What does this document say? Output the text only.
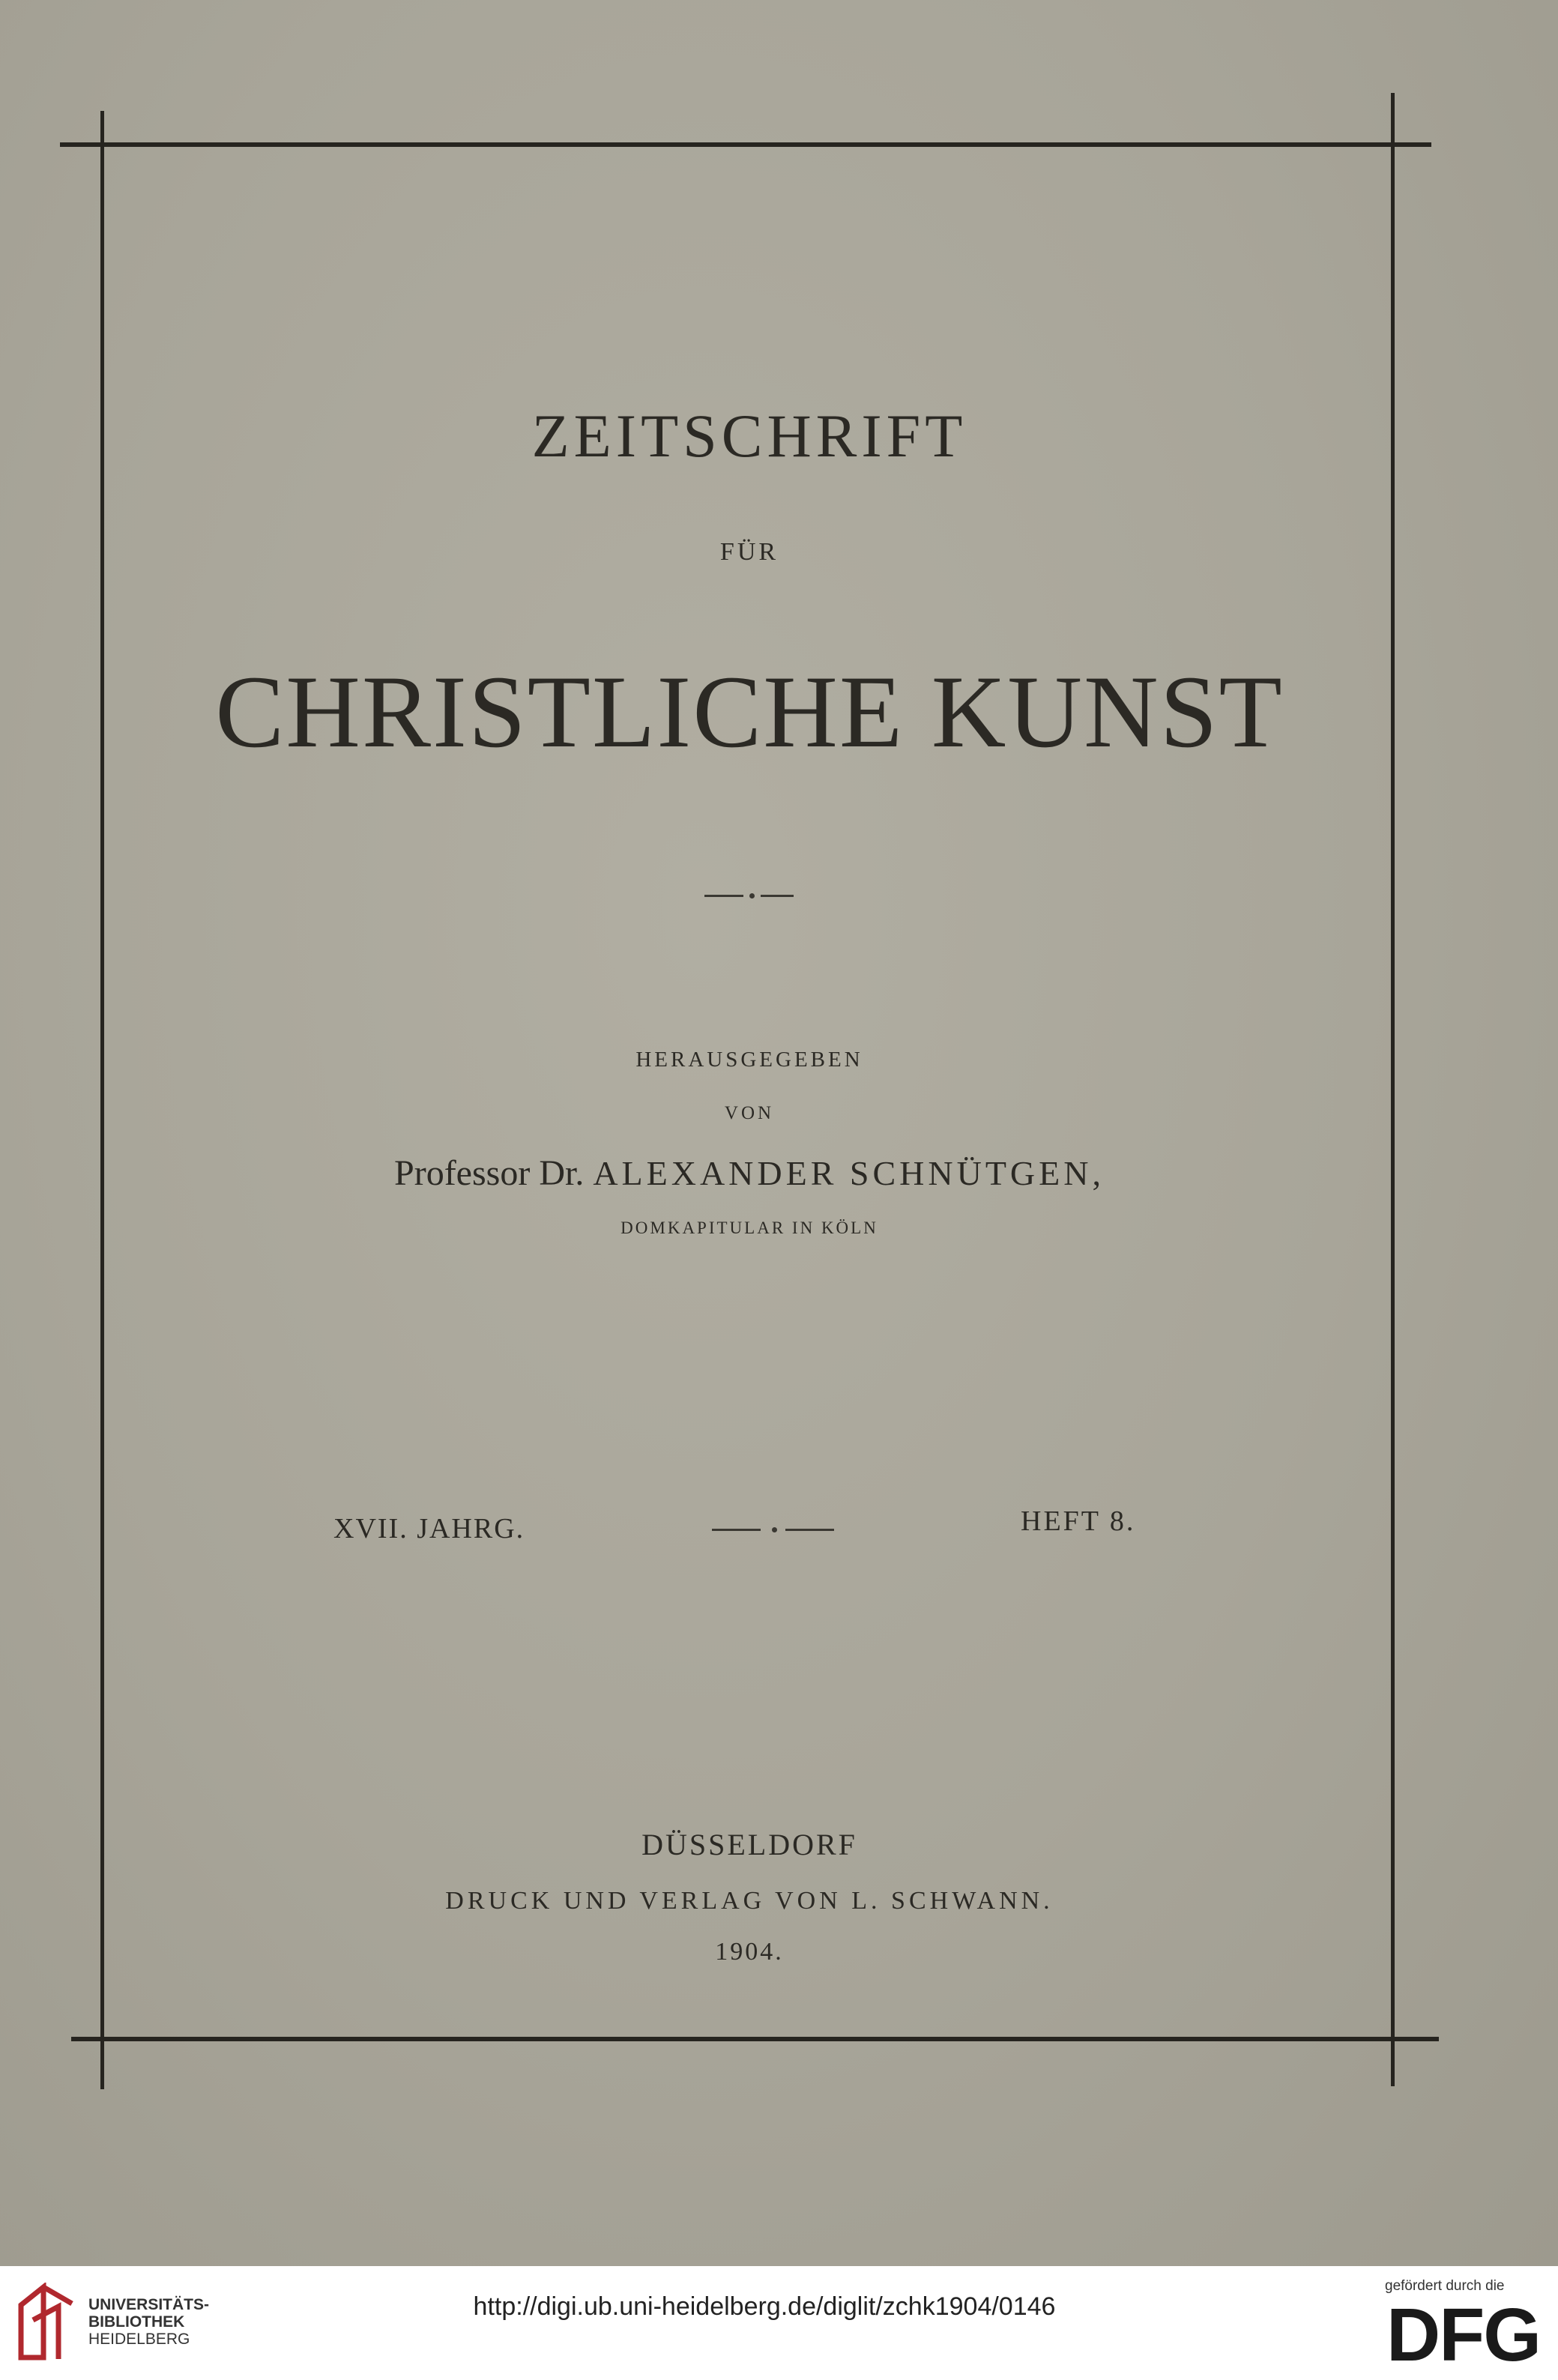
ZEITSCHRIFT
FÜR
CHRISTLICHE KUNST
HERAUSGEGEBEN
VON
Professor Dr. ALEXANDER SCHNÜTGEN,
DOMKAPITULAR IN KÖLN
XVII. JAHRG.	HEFT 8.
DÜSSELDORF
DRUCK UND VERLAG VON L. SCHWANN.
1904.
UNIVERSITÄTS-
BIBLIOTHEK
HEIDELBERG
http://digi.ub.uni-heidelberg.de/diglit/zchk1904/0146
gefördert durch die
DFG
